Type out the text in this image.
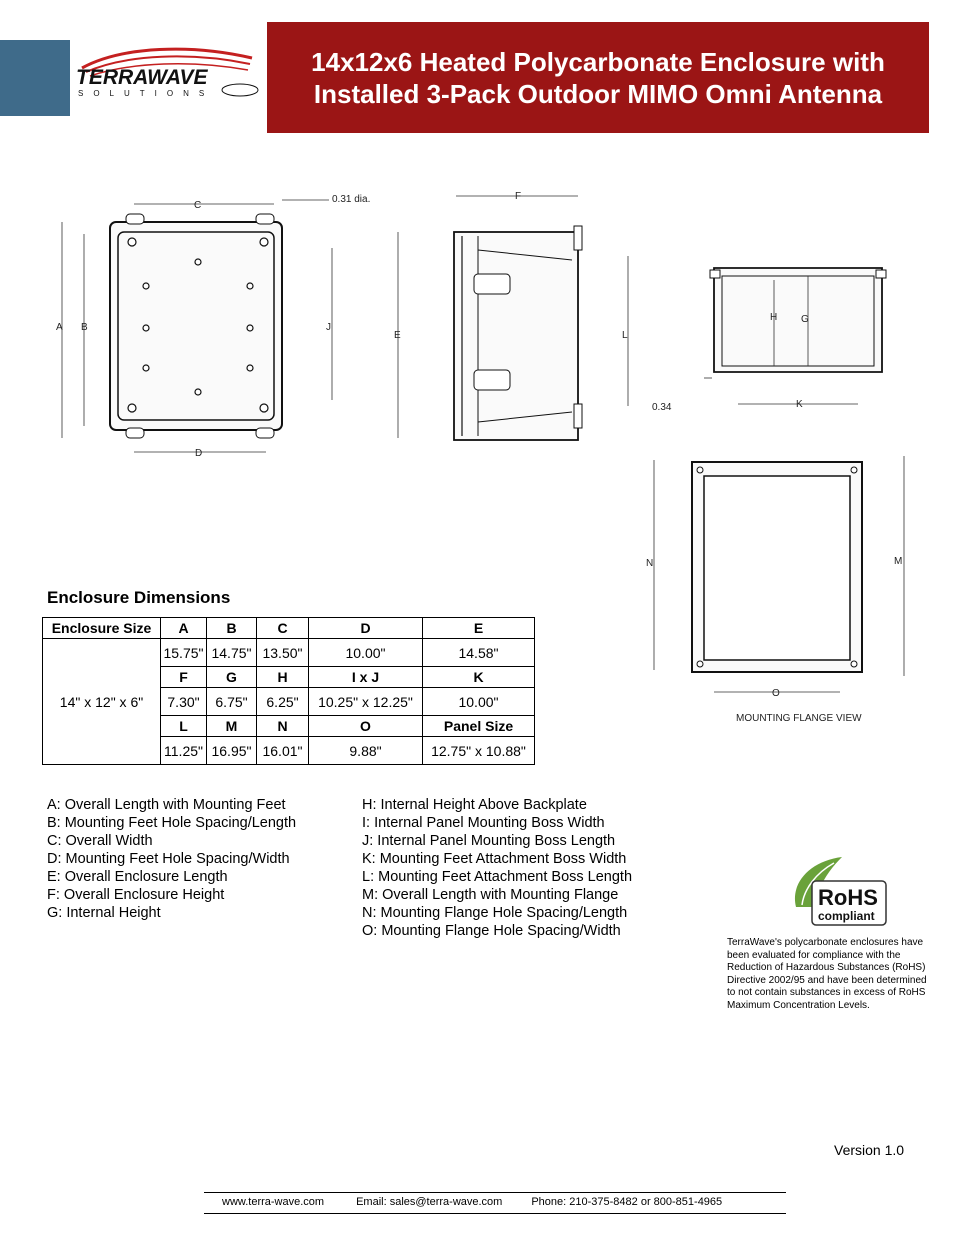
TERRAWAVE
SOLUTIONS
14x12x6 Heated Polycarbonate Enclosure with
Installed 3-Pack Outdoor MIMO Omni Antenna
C
0.31 dia.
A B	J
D
F
E	L
H G
0.34	K
N	M
O
MOUNTING FLANGE VIEW
Enclosure Dimensions
Enclosure Size	A	B	C	D	E
14" x 12" x 6"	15.75"	14.75"	13.50"	10.00"	14.58"
	F	G	H	I x J	K
	7.30"	6.75"	6.25"	10.25" x 12.25"	10.00"
	L	M	N	O	Panel Size
	11.25"	16.95"	16.01"	9.88"	12.75" x 10.88"
A: Overall Length with Mounting Feet
B: Mounting Feet Hole Spacing/Length
C: Overall Width
D: Mounting Feet Hole Spacing/Width
E: Overall Enclosure Length
F: Overall Enclosure Height
G: Internal Height
H: Internal Height Above Backplate
I: Internal Panel Mounting Boss Width
J: Internal Panel Mounting Boss Length
K: Mounting Feet Attachment Boss Width
L: Mounting Feet Attachment Boss Length
M: Overall Length with Mounting Flange
N: Mounting Flange Hole Spacing/Length
O: Mounting Flange Hole Spacing/Width
RoHS
compliant
TerraWave's polycarbonate enclosures have been evaluated for compliance with the Reduction of Hazardous Substances (RoHS) Directive 2002/95 and have been determined to not contain substances in excess of RoHS Maximum Concentration Levels.
Version 1.0
www.terra-wave.com	Email: sales@terra-wave.com	Phone: 210-375-8482 or 800-851-4965
